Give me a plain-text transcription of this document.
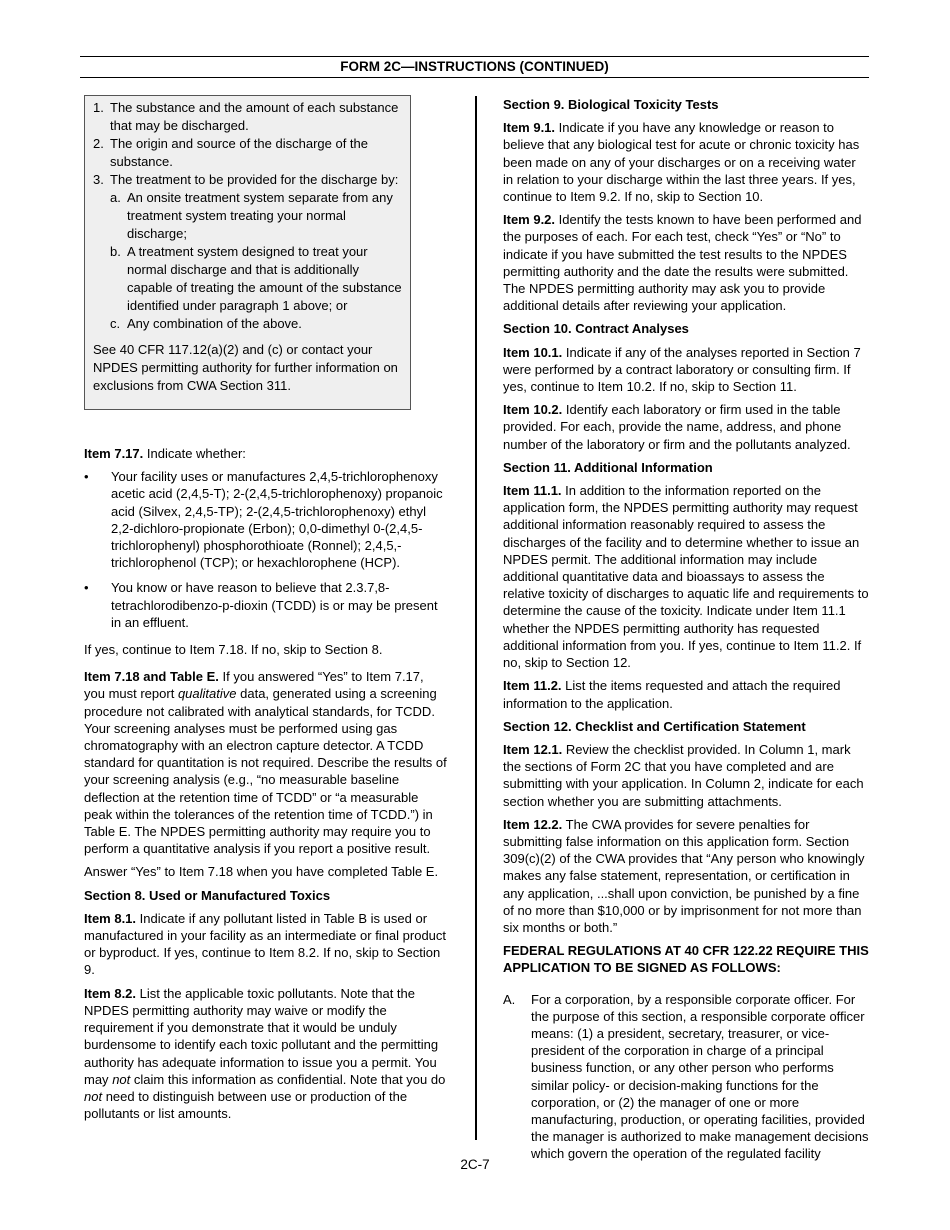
FORM 2C—INSTRUCTIONS (CONTINUED)
1. The substance and the amount of each substance that may be discharged.
2. The origin and source of the discharge of the substance.
3. The treatment to be provided for the discharge by:
a. An onsite treatment system separate from any treatment system treating your normal discharge;
b. A treatment system designed to treat your normal discharge and that is additionally capable of treating the amount of the substance identified under paragraph 1 above; or
c. Any combination of the above.
See 40 CFR 117.12(a)(2) and (c) or contact your NPDES permitting authority for further information on exclusions from CWA Section 311.

Item 7.17. Indicate whether:

•	Your facility uses or manufactures 2,4,5-trichlorophenoxy acetic acid (2,4,5-T); 2-(2,4,5-trichlorophenoxy) propanoic acid (Silvex, 2,4,5-TP); 2-(2,4,5-trichlorophenoxy) ethyl 2,2-dichloro-propionate (Erbon); 0,0-dimethyl 0-(2,4,5-trichlorophenyl) phosphorothioate (Ronnel); 2,4,5,-trichlorophenol (TCP); or hexachlorophene (HCP).
•	You know or have reason to believe that 2.3.7,8-tetrachlorodibenzo-p-dioxin (TCDD) is or may be present in an effluent.

If yes, continue to Item 7.18. If no, skip to Section 8.

Item 7.18 and Table E. If you answered “Yes” to Item 7.17, you must report qualitative data, generated using a screening procedure not calibrated with analytical standards, for TCDD. Your screening analyses must be performed using gas chromatography with an electron capture detector. A TCDD standard for quantitation is not required. Describe the results of your screening analysis (e.g., “no measurable baseline deflection at the retention time of TCDD” or “a measurable peak within the tolerances of the retention time of TCDD.”) in Table E. The NPDES permitting authority may require you to perform a quantitative analysis if you report a positive result.

Answer “Yes” to Item 7.18 when you have completed Table E.

Section 8. Used or Manufactured Toxics

Item 8.1. Indicate if any pollutant listed in Table B is used or manufactured in your facility as an intermediate or final product or byproduct. If yes, continue to Item 8.2. If no, skip to Section 9.

Item 8.2. List the applicable toxic pollutants. Note that the NPDES permitting authority may waive or modify the requirement if you demonstrate that it would be unduly burdensome to identify each toxic pollutant and the permitting authority has adequate information to issue you a permit. You may not claim this information as confidential. Note that you do not need to distinguish between use or production of the pollutants or list amounts.

Section 9. Biological Toxicity Tests

Item 9.1. Indicate if you have any knowledge or reason to believe that any biological test for acute or chronic toxicity has been made on any of your discharges or on a receiving water in relation to your discharge within the last three years. If yes, continue to Item 9.2. If no, skip to Section 10.

Item 9.2. Identify the tests known to have been performed and the purposes of each. For each test, check “Yes” or “No” to indicate if you have submitted the test results to the NPDES permitting authority and the date the results were submitted. The NPDES permitting authority may ask you to provide additional details after reviewing your application.

Section 10. Contract Analyses

Item 10.1. Indicate if any of the analyses reported in Section 7 were performed by a contract laboratory or consulting firm. If yes, continue to Item 10.2. If no, skip to Section 11.

Item 10.2. Identify each laboratory or firm used in the table provided. For each, provide the name, address, and phone number of the laboratory or firm and the pollutants analyzed.

Section 11. Additional Information

Item 11.1. In addition to the information reported on the application form, the NPDES permitting authority may request additional information reasonably required to assess the discharges of the facility and to determine whether to issue an NPDES permit. The additional information may include additional quantitative data and bioassays to assess the relative toxicity of discharges to aquatic life and requirements to determine the cause of the toxicity. Indicate under Item 11.1 whether the NPDES permitting authority has requested additional information from you. If yes, continue to Item 11.2. If no, skip to Section 12.

Item 11.2. List the items requested and attach the required information to the application.

Section 12. Checklist and Certification Statement

Item 12.1. Review the checklist provided. In Column 1, mark the sections of Form 2C that you have completed and are submitting with your application. In Column 2, indicate for each section whether you are submitting attachments.

Item 12.2. The CWA provides for severe penalties for submitting false information on this application form. Section 309(c)(2) of the CWA provides that “Any person who knowingly makes any false statement, representation, or certification in any application, ...shall upon conviction, be punished by a fine of no more than $10,000 or by imprisonment for not more than six months or both.”

FEDERAL REGULATIONS AT 40 CFR 122.22 REQUIRE THIS APPLICATION TO BE SIGNED AS FOLLOWS:
A.	For a corporation, by a responsible corporate officer. For the purpose of this section, a responsible corporate officer means: (1) a president, secretary, treasurer, or vice-president of the corporation in charge of a principal business function, or any other person who performs similar policy- or decision-making functions for the corporation, or (2) the manager of one or more manufacturing, production, or operating facilities, provided the manager is authorized to make management decisions which govern the operation of the regulated facility
2C-7
